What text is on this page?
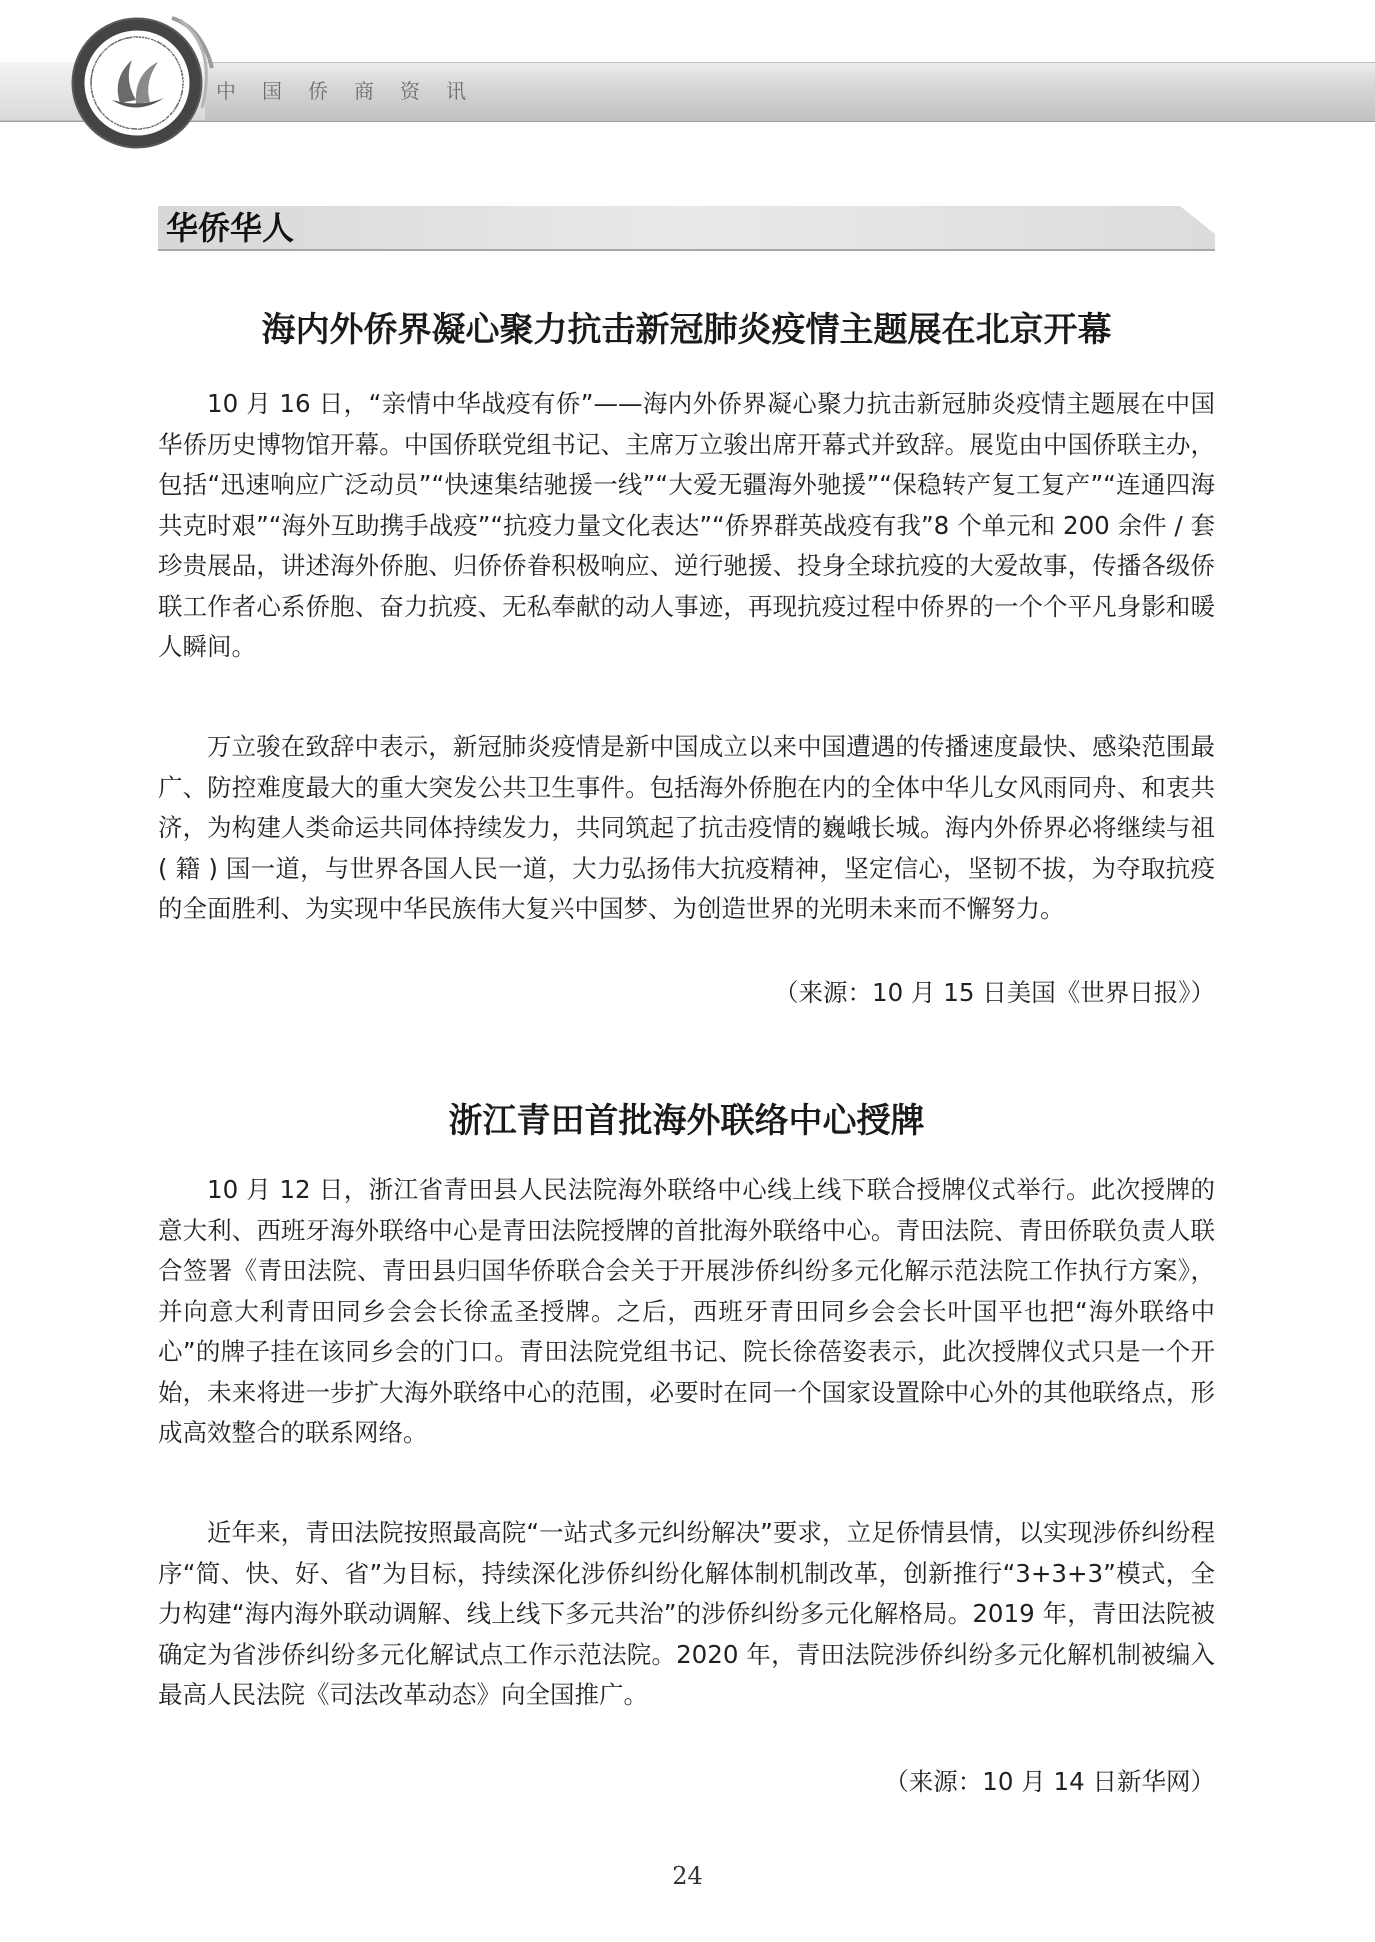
中国侨商资讯
中国侨商联合会 CHINA FEDERATION OF OVERSEAS CHINESE ENTR
华侨华人
海内外侨界凝心聚力抗击新冠肺炎疫情主题展在北京开幕

10 月 16 日，“亲情中华战疫有侨”——海内外侨界凝心聚力抗击新冠肺炎疫情主题展在中国华侨历史博物馆开幕。中国侨联党组书记、主席万立骏出席开幕式并致辞。展览由中国侨联主办，包括“迅速响应广泛动员”“快速集结驰援一线”“大爱无疆海外驰援”“保稳转产复工复产”“连通四海共克时艰”“海外互助携手战疫”“抗疫力量文化表达”“侨界群英战疫有我”8 个单元和 200 余件 / 套珍贵展品，讲述海外侨胞、归侨侨眷积极响应、逆行驰援、投身全球抗疫的大爱故事，传播各级侨联工作者心系侨胞、奋力抗疫、无私奉献的动人事迹，再现抗疫过程中侨界的一个个平凡身影和暖人瞬间。

万立骏在致辞中表示，新冠肺炎疫情是新中国成立以来中国遭遇的传播速度最快、感染范围最广、防控难度最大的重大突发公共卫生事件。包括海外侨胞在内的全体中华儿女风雨同舟、和衷共济，为构建人类命运共同体持续发力，共同筑起了抗击疫情的巍峨长城。海内外侨界必将继续与祖 ( 籍 ) 国一道，与世界各国人民一道，大力弘扬伟大抗疫精神，坚定信心，坚韧不拔，为夺取抗疫的全面胜利、为实现中华民族伟大复兴中国梦、为创造世界的光明未来而不懈努力。

（来源：10 月 15 日美国《世界日报》）
浙江青田首批海外联络中心授牌

10 月 12 日，浙江省青田县人民法院海外联络中心线上线下联合授牌仪式举行。此次授牌的意大利、西班牙海外联络中心是青田法院授牌的首批海外联络中心。青田法院、青田侨联负责人联合签署《青田法院、青田县归国华侨联合会关于开展涉侨纠纷多元化解示范法院工作执行方案》，并向意大利青田同乡会会长徐孟圣授牌。之后，西班牙青田同乡会会长叶国平也把“海外联络中心”的牌子挂在该同乡会的门口。青田法院党组书记、院长徐蓓姿表示，此次授牌仪式只是一个开始，未来将进一步扩大海外联络中心的范围，必要时在同一个国家设置除中心外的其他联络点，形成高效整合的联系网络。

近年来，青田法院按照最高院“一站式多元纠纷解决”要求，立足侨情县情，以实现涉侨纠纷程序“简、快、好、省”为目标，持续深化涉侨纠纷化解体制机制改革，创新推行“3+3+3”模式，全力构建“海内海外联动调解、线上线下多元共治”的涉侨纠纷多元化解格局。2019 年，青田法院被确定为省涉侨纠纷多元化解试点工作示范法院。2020 年，青田法院涉侨纠纷多元化解机制被编入最高人民法院《司法改革动态》向全国推广。

（来源：10 月 14 日新华网）
24
